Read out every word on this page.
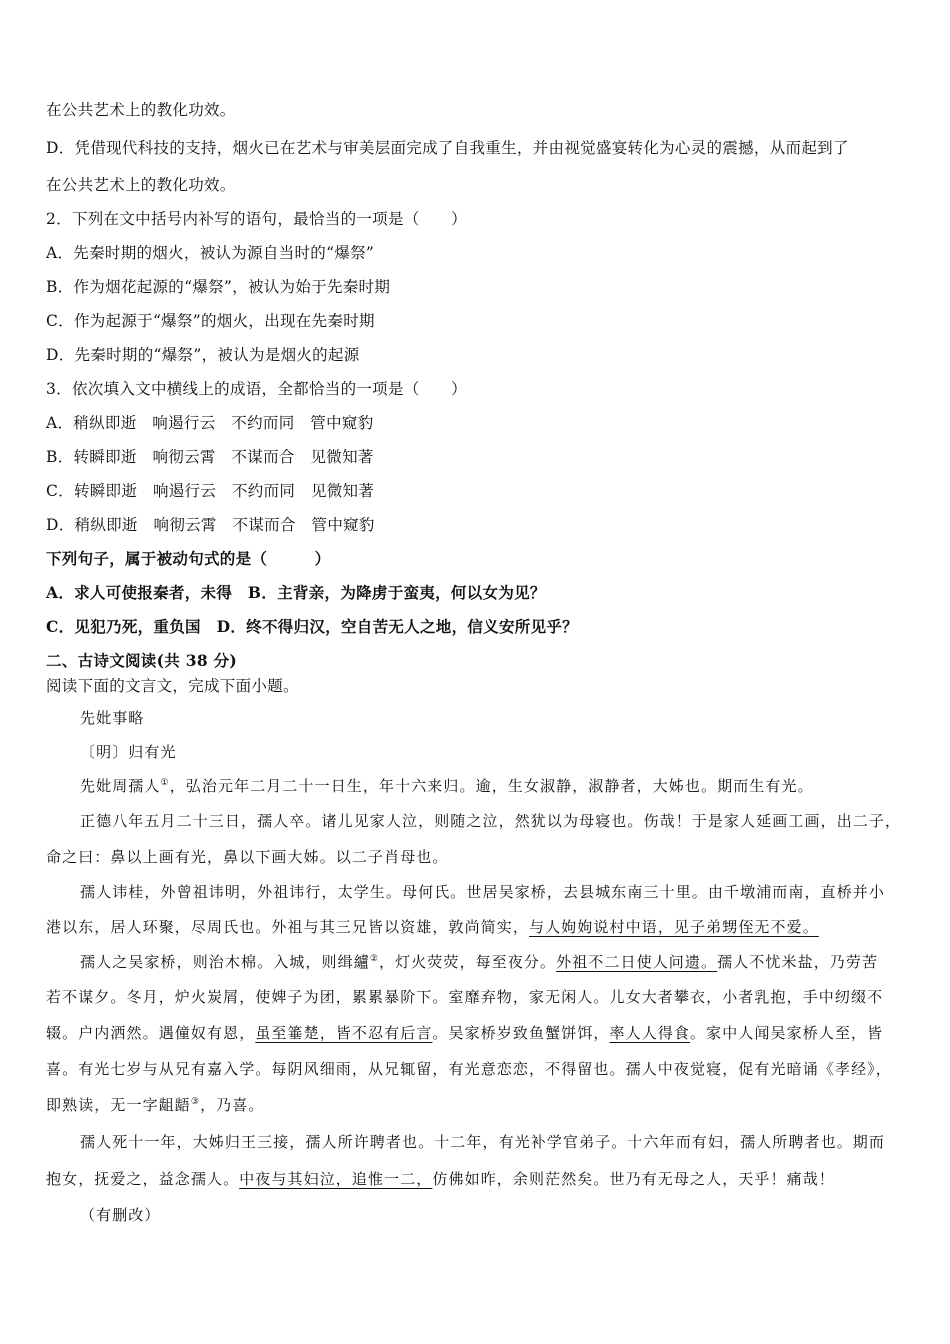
在公共艺术上的教化功效。
D．凭借现代科技的支持，烟火已在艺术与审美层面完成了自我重生，并由视觉盛宴转化为心灵的震撼，从而起到了
在公共艺术上的教化功效。
2．下列在文中括号内补写的语句，最恰当的一项是（　　）
A．先秦时期的烟火，被认为源自当时的“爆祭”
B．作为烟花起源的“爆祭”，被认为始于先秦时期
C．作为起源于“爆祭”的烟火，出现在先秦时期
D．先秦时期的“爆祭”，被认为是烟火的起源
3．依次填入文中横线上的成语，全都恰当的一项是（　　）
A．稍纵即逝　响遏行云　不约而同　管中窥豹
B．转瞬即逝　响彻云霄　不谋而合　见微知著
C．转瞬即逝　响遏行云　不约而同　见微知著
D．稍纵即逝　响彻云霄　不谋而合　管中窥豹
下列句子，属于被动句式的是（　　　）
A．求人可使报秦者，未得　B．主背亲，为降虏于蛮夷，何以女为见？
C．见犯乃死，重负国　D．终不得归汉，空自苦无人之地，信义安所见乎？
二、古诗文阅读(共 38 分)
阅读下面的文言文，完成下面小题。
先妣事略
〔明〕归有光
先妣周孺人①，弘治元年二月二十一日生，年十六来归。逾，生女淑静，淑静者，大姊也。期而生有光。
正德八年五月二十三日，孺人卒。诸儿见家人泣，则随之泣，然犹以为母寝也。伤哉！于是家人延画工画，出二子，
命之曰：鼻以上画有光，鼻以下画大姊。以二子肖母也。
孺人讳桂，外曾祖讳明，外祖讳行，太学生。母何氏。世居吴家桥，去县城东南三十里。由千墩浦而南，直桥并小
港以东，居人环聚，尽周氏也。外祖与其三兄皆以资雄，敦尚简实，与人姁姁说村中语，见子弟甥侄无不爱。
孺人之吴家桥，则治木棉。入城，则缉纑②，灯火荧荧，每至夜分。外祖不二日使人问遗。孺人不忧米盐，乃劳苦
若不谋夕。冬月，炉火炭屑，使婢子为团，累累暴阶下。室靡弃物，家无闲人。儿女大者攀衣，小者乳抱，手中纫缀不
辍。户内洒然。遇僮奴有恩，虽至箠楚，皆不忍有后言。吴家桥岁致鱼蟹饼饵，率人人得食。家中人闻吴家桥人至，皆
喜。有光七岁与从兄有嘉入学。每阴风细雨，从兄辄留，有光意恋恋，不得留也。孺人中夜觉寝，促有光暗诵《孝经》，
即熟读，无一字龃龉③，乃喜。
孺人死十一年，大姊归王三接，孺人所许聘者也。十二年，有光补学官弟子。十六年而有妇，孺人所聘者也。期而
抱女，抚爱之，益念孺人。中夜与其妇泣，追惟一二，仿佛如昨，余则茫然矣。世乃有无母之人，天乎！痛哉！
（有删改）
